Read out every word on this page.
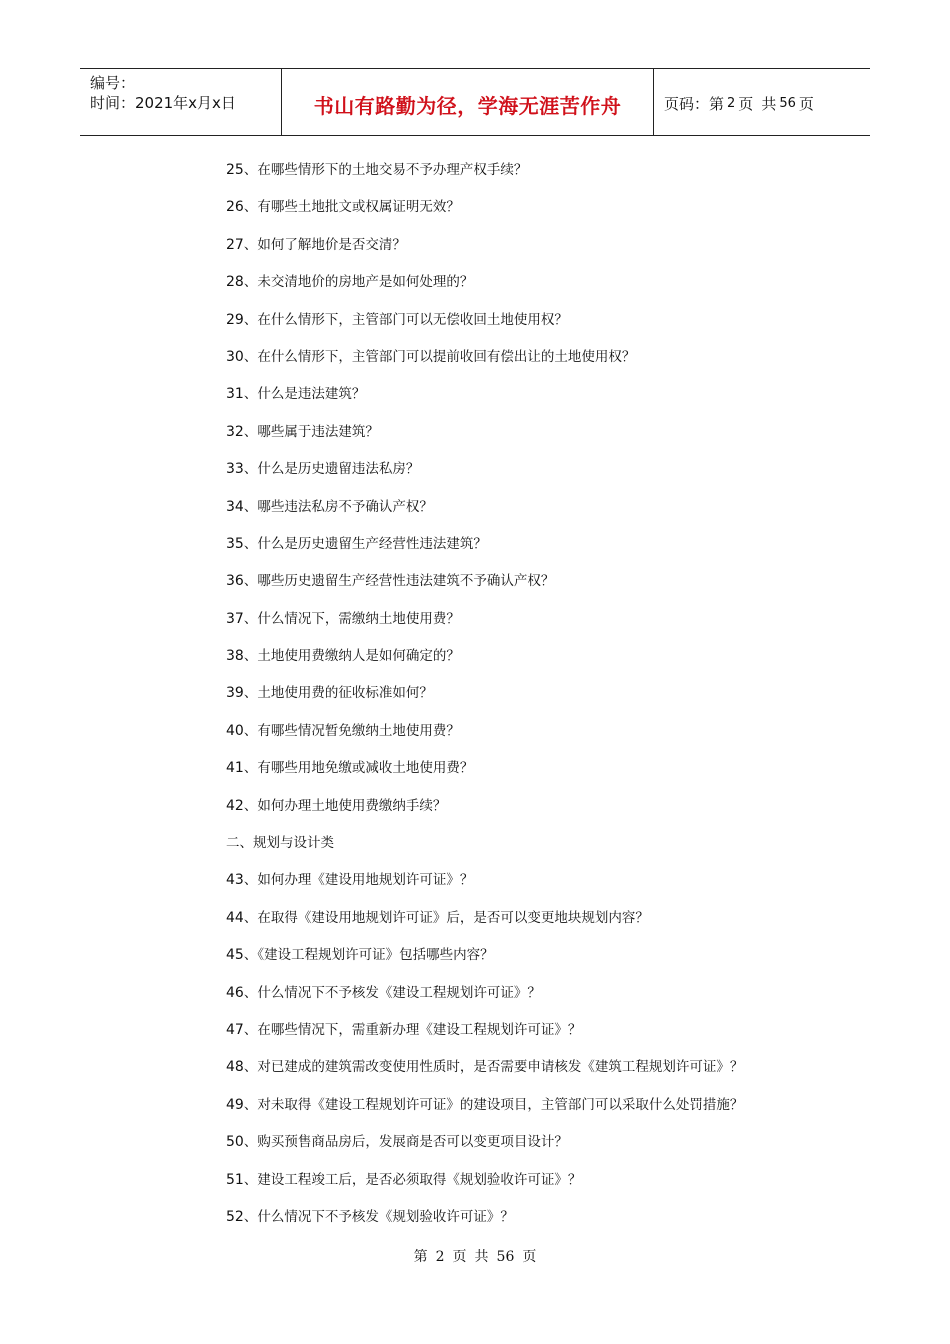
编号：
时间：2021年x月x日	书山有路勤为径，学海无涯苦作舟	页码：第 2 页 共 56 页
25、在哪些情形下的土地交易不予办理产权手续？
26、有哪些土地批文或权属证明无效？
27、如何了解地价是否交清？
28、未交清地价的房地产是如何处理的？
29、在什么情形下，主管部门可以无偿收回土地使用权？
30、在什么情形下，主管部门可以提前收回有偿出让的土地使用权？
31、什么是违法建筑？
32、哪些属于违法建筑？
33、什么是历史遗留违法私房？
34、哪些违法私房不予确认产权？
35、什么是历史遗留生产经营性违法建筑？
36、哪些历史遗留生产经营性违法建筑不予确认产权？
37、什么情况下，需缴纳土地使用费？
38、土地使用费缴纳人是如何确定的？
39、土地使用费的征收标准如何？
40、有哪些情况暂免缴纳土地使用费？
41、有哪些用地免缴或减收土地使用费？
42、如何办理土地使用费缴纳手续？
二、规划与设计类
43、如何办理《建设用地规划许可证》？
44、在取得《建设用地规划许可证》后，是否可以变更地块规划内容？
45、《建设工程规划许可证》包括哪些内容？
46、什么情况下不予核发《建设工程规划许可证》？
47、在哪些情况下，需重新办理《建设工程规划许可证》？
48、对已建成的建筑需改变使用性质时，是否需要申请核发《建筑工程规划许可证》？
49、对未取得《建设工程规划许可证》的建设项目，主管部门可以采取什么处罚措施？
50、购买预售商品房后，发展商是否可以变更项目设计？
51、建设工程竣工后，是否必须取得《规划验收许可证》？
52、什么情况下不予核发《规划验收许可证》？
第 2 页 共 56 页
